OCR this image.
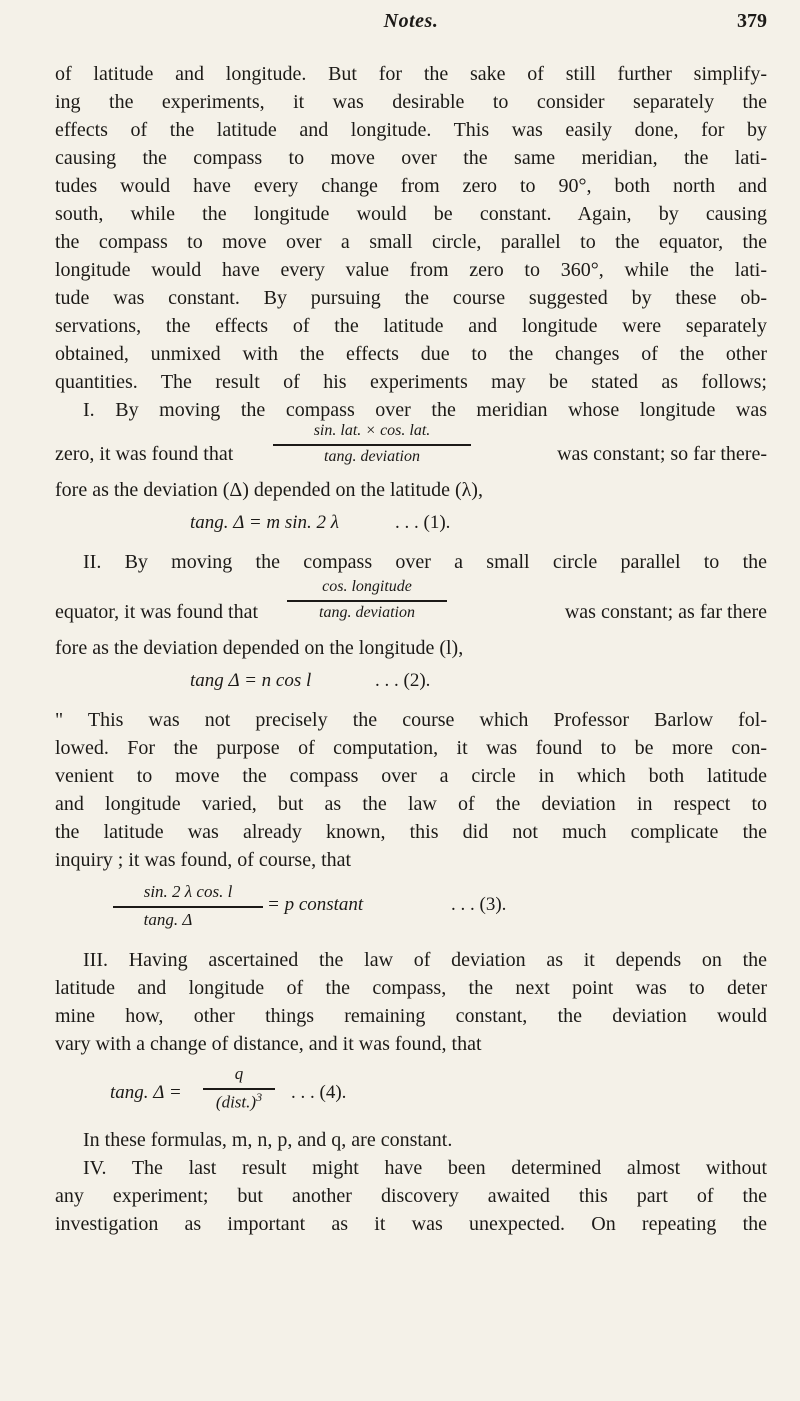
Notes.	379
of latitude and longitude. But for the sake of still further simplify-
ing the experiments, it was desirable to consider separately the
effects of the latitude and longitude. This was easily done, for by
causing the compass to move over the same meridian, the lati-
tudes would have every change from zero to 90°, both north and
south, while the longitude would be constant. Again, by causing
the compass to move over a small circle, parallel to the equator, the
longitude would have every value from zero to 360°, while the lati-
tude was constant. By pursuing the course suggested by these ob-
servations, the effects of the latitude and longitude were separately
obtained, unmixed with the effects due to the changes of the other
quantities. The result of his experiments may be stated as follows;
I. By moving the compass over the meridian whose longitude was
zero, it was found that
sin. lat. × cos. lat.
tang. deviation	was constant; so far there-
fore as the deviation (Δ) depended on the latitude (λ),
tang. Δ = m sin. 2 λ	. . . (1).
II. By moving the compass over a small circle parallel to the
equator, it was found that
cos. longitude
tang. deviation	was constant; as far there
fore as the deviation depended on the longitude (l),
tang Δ = n cos l	. . . (2).
" This was not precisely the course which Professor Barlow fol-
lowed. For the purpose of computation, it was found to be more con-
venient to move the compass over a circle in which both latitude
and longitude varied, but as the law of the deviation in respect to
the latitude was already known, this did not much complicate the
inquiry ; it was found, of course, that
sin. 2 λ cos. l
tang. Δ
= p constant	. . . (3).
III. Having ascertained the law of deviation as it depends on the
latitude and longitude of the compass, the next point was to deter
mine how, other things remaining constant, the deviation would
vary with a change of distance, and it was found, that
tang. Δ =
q
(dist.)$^3$	. . . (4).
In these formulas, m, n, p, and q, are constant.
IV. The last result might have been determined almost without
any experiment; but another discovery awaited this part of the
investigation as important as it was unexpected. On repeating the
